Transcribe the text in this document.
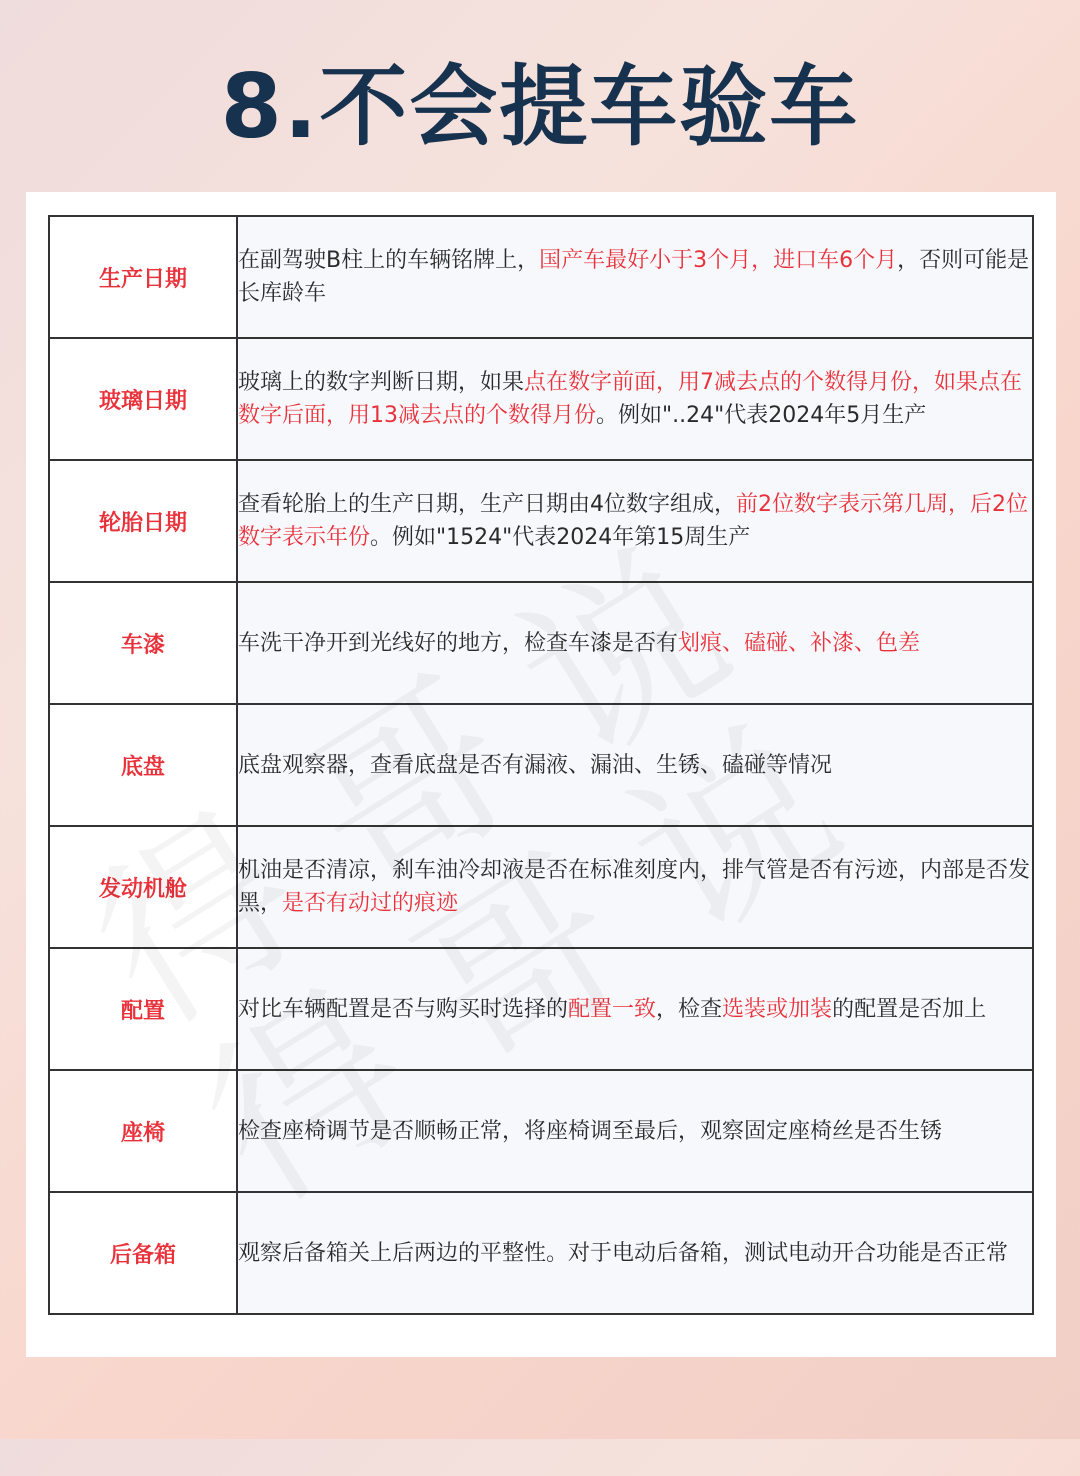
8.不会提车验车
生产日期	在副驾驶B柱上的车辆铭牌上，国产车最好小于3个月，进口车6个月，否则可能是长库龄车
玻璃日期	玻璃上的数字判断日期，如果点在数字前面，用7减去点的个数得月份，如果点在数字后面，用13减去点的个数得月份。例如"..24"代表2024年5月生产
轮胎日期	查看轮胎上的生产日期，生产日期由4位数字组成，前2位数字表示第几周，后2位数字表示年份。例如"1524"代表2024年第15周生产
车漆	车洗干净开到光线好的地方，检查车漆是否有划痕、磕碰、补漆、色差
底盘	底盘观察器，查看底盘是否有漏液、漏油、生锈、磕碰等情况
发动机舱	机油是否清凉，刹车油冷却液是否在标准刻度内，排气管是否有污迹，内部是否发黑，是否有动过的痕迹
配置	对比车辆配置是否与购买时选择的配置一致，检查选装或加装的配置是否加上
座椅	检查座椅调节是否顺畅正常，将座椅调至最后，观察固定座椅丝是否生锈
后备箱	观察后备箱关上后两边的平整性。对于电动后备箱，测试电动开合功能是否正常
